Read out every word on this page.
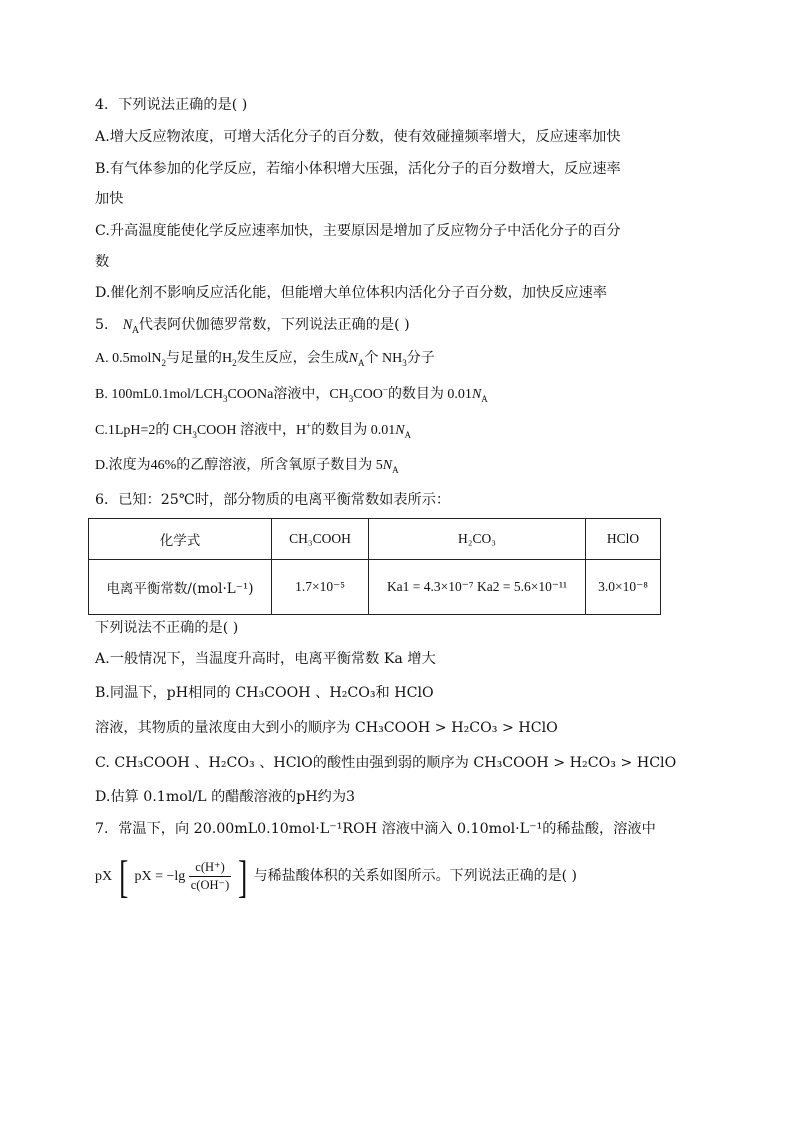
4．下列说法正确的是( )
A.增大反应物浓度，可增大活化分子的百分数，使有效碰撞频率增大，反应速率加快
B.有气体参加的化学反应，若缩小体积增大压强，活化分子的百分数增大，反应速率
加快
C.升高温度能使化学反应速率加快，主要原因是增加了反应物分子中活化分子的百分
数
D.催化剂不影响反应活化能，但能增大单位体积内活化分子百分数，加快反应速率
5． $N_A$代表阿伏伽德罗常数，下列说法正确的是( )
A. 0.5molN$_2$与足量的$H_2$发生反应，会生成$N_A$个 $NH_3$分子
B. $100mL0.1mol/LCH_3COONa$溶液中，$CH_3COO^-$的数目为 $0.01N_A$
C.1LpH=2的 $CH_3COOH$ 溶液中，H+的数目为 $0.01N_A$
D.浓度为46%的乙醇溶液，所含氧原子数目为 $5N_A$
6．已知：25℃时，部分物质的电离平衡常数如表所示：
化学式	CH₃COOH	H₂CO₃	HClO
电离平衡常数/(mol·L⁻¹)	1.7×10⁻⁵	Ka1 = 4.3×10⁻⁷ Ka2 = 5.6×10⁻¹¹	3.0×10⁻⁸
下列说法不正确的是( )
A.一般情况下，当温度升高时，电离平衡常数 Ka 增大
B.同温下，pH相同的 CH₃COOH 、H₂CO₃和 HClO
溶液，其物质的量浓度由大到小的顺序为 CH₃COOH > H₂CO₃ > HClO
C. CH₃COOH 、H₂CO₃ 、HClO的酸性由强到弱的顺序为 CH₃COOH > H₂CO₃ > HClO
D.估算 0.1mol/L 的醋酸溶液的pH约为3
7．常温下，向 20.00mL0.10mol·L⁻¹ROH 溶液中滴入 0.10mol·L⁻¹的稀盐酸，溶液中
pX [ pX = $-\lg \frac{c(H^+)}{c(OH^-)}$ ] 与稀盐酸体积的关系如图所示。下列说法正确的是( )
